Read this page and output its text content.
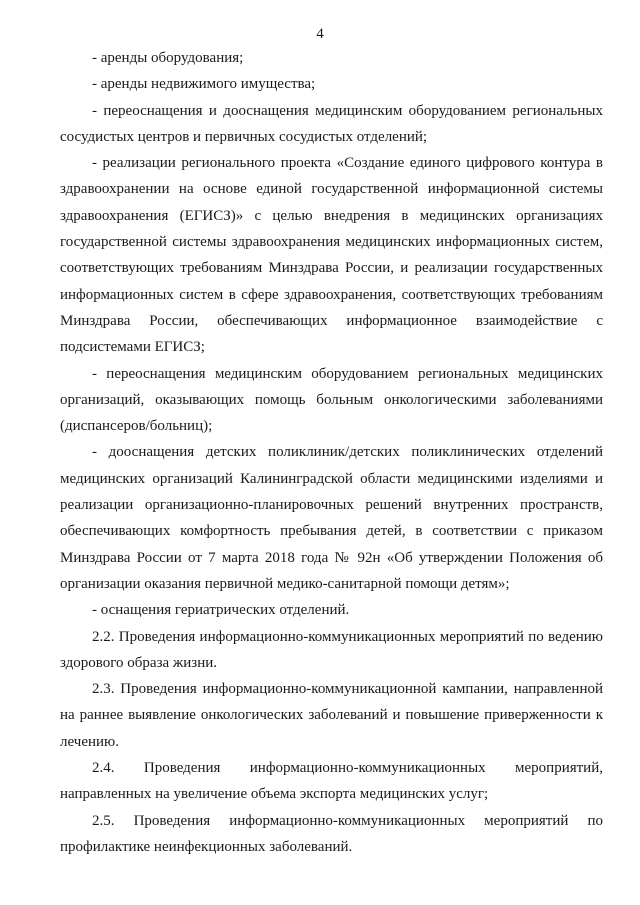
4

- аренды оборудования;

- аренды недвижимого имущества;

- переоснащения и дооснащения медицинским оборудованием региональных сосудистых центров и первичных сосудистых отделений;

- реализации регионального проекта «Создание единого цифрового контура в здравоохранении на основе единой государственной информационной системы здравоохранения (ЕГИСЗ)» с целью внедрения в медицинских организациях государственной системы здравоохранения медицинских информационных систем, соответствующих требованиям Минздрава России, и реализации государственных информационных систем в сфере здравоохранения, соответствующих требованиям Минздрава России, обеспечивающих информационное взаимодействие с подсистемами ЕГИСЗ;

- переоснащения медицинским оборудованием региональных медицинских организаций, оказывающих помощь больным онкологическими заболеваниями (диспансеров/больниц);

- дооснащения детских поликлиник/детских поликлинических отделений медицинских организаций Калининградской области медицинскими изделиями и реализации организационно-планировочных решений внутренних пространств, обеспечивающих комфортность пребывания детей, в соответствии с приказом Минздрава России от 7 марта 2018 года № 92н «Об утверждении Положения об организации оказания первичной медико-санитарной помощи детям»;

- оснащения гериатрических отделений.

2.2. Проведения информационно-коммуникационных мероприятий по ведению здорового образа жизни.

2.3. Проведения информационно-коммуникационной кампании, направленной на раннее выявление онкологических заболеваний и повышение приверженности к лечению.

2.4. Проведения информационно-коммуникационных мероприятий, направленных на увеличение объема экспорта медицинских услуг;

2.5. Проведения информационно-коммуникационных мероприятий по профилактике неинфекционных заболеваний.
